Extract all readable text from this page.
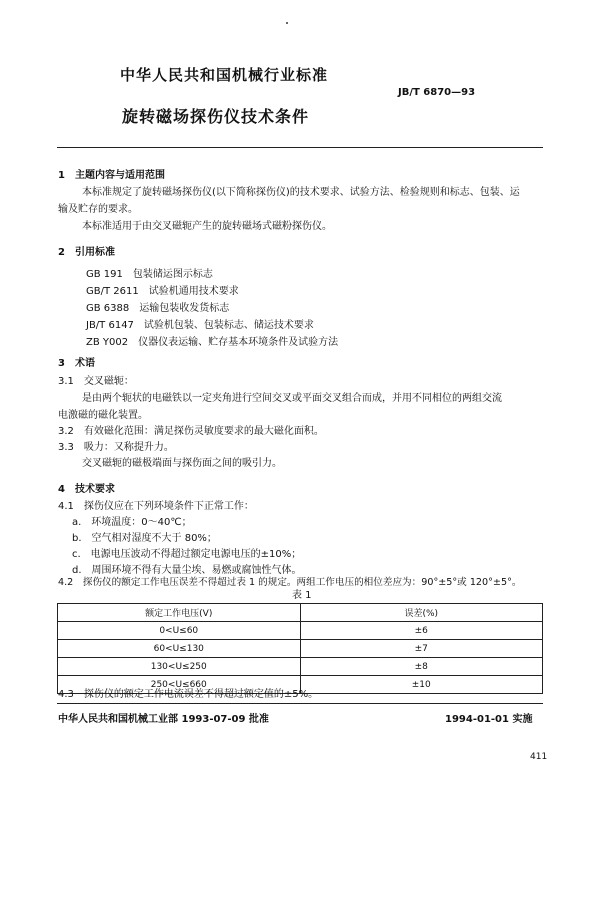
中华人民共和国机械行业标准
JB/T 6870—93
旋转磁场探伤仪技术条件
1　主题内容与适用范围
本标准规定了旋转磁场探伤仪(以下简称探伤仪)的技术要求、试验方法、检验规则和标志、包装、运
输及贮存的要求。
本标准适用于由交叉磁轭产生的旋转磁场式磁粉探伤仪。
2　引用标准
GB 191　包装储运图示标志
GB/T 2611　试验机通用技术要求
GB 6388　运输包装收发货标志
JB/T 6147　试验机包装、包装标志、储运技术要求
ZB Y002　仪器仪表运输、贮存基本环境条件及试验方法
3　术语
3.1　交叉磁轭：
是由两个轭状的电磁铁以一定夹角进行空间交叉或平面交叉组合而成，并用不同相位的两组交流
电激磁的磁化装置。
3.2　有效磁化范围：满足探伤灵敏度要求的最大磁化面积。
3.3　吸力：又称提升力。
交叉磁轭的磁极端面与探伤面之间的吸引力。
4　技术要求
4.1　探伤仪应在下列环境条件下正常工作：
a.　环境温度：0～40℃；
b.　空气相对湿度不大于 80%；
c.　电源电压波动不得超过额定电源电压的±10%；
d.　周围环境不得有大量尘埃、易燃或腐蚀性气体。
4.2　探伤仪的额定工作电压误差不得超过表 1 的规定。两组工作电压的相位差应为：90°±5°或 120°±5°。
表 1
额定工作电压(V)	误差(%)
0<U≤60	±6
60<U≤130	±7
130<U≤250	±8
250<U≤660	±10
4.3　探伤仪的额定工作电流误差不得超过额定值的±5%。
中华人民共和国机械工业部 1993-07-09 批准	1994-01-01 实施
411
